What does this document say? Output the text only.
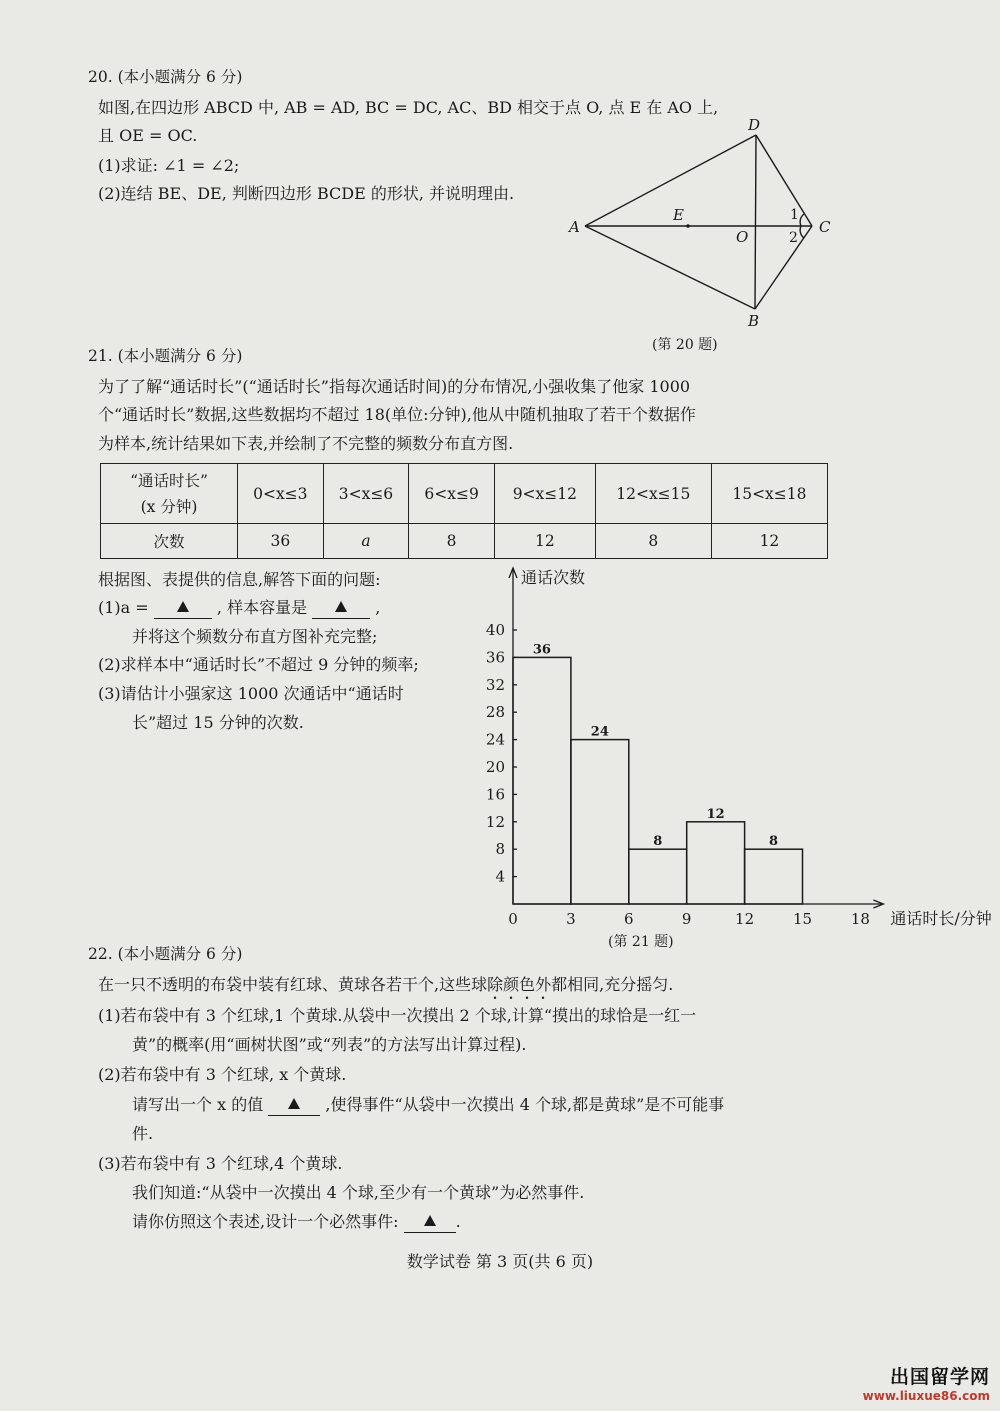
20. (本小题满分 6 分)
如图,在四边形 ABCD 中, AB = AD, BC = DC, AC、BD 相交于点 O, 点 E 在 AO 上,
且 OE = OC.
(1)求证: ∠1 = ∠2;
(2)连结 BE、DE, 判断四边形 BCDE 的形状, 并说明理由.
A
D
C
B
E
O
1
2
(第 20 题)
21. (本小题满分 6 分)
为了了解“通话时长”(“通话时长”指每次通话时间)的分布情况,小强收集了他家 1000
个“通话时长”数据,这些数据均不超过 18(单位:分钟),他从中随机抽取了若干个数据作
为样本,统计结果如下表,并绘制了不完整的频数分布直方图.
“通话时长”
(x 分钟)	0<x≤3	3<x≤6	6<x≤9	9<x≤12	12<x≤15	15<x≤18
次数	36	a	8	12	8	12
根据图、表提供的信息,解答下面的问题:
(1)a =	, 样本容量是	,
并将这个频数分布直方图补充完整;
(2)求样本中“通话时长”不超过 9 分钟的频率;
(3)请估计小强家这 1000 次通话中“通话时
长”超过 15 分钟的次数.
4
8
12
16
20
24
28
32
36
40
0	3	6	9	12	15	18
通话次数
通话时长/分钟
36
24
8
12
8
(第 21 题)
22. (本小题满分 6 分)
在一只不透明的布袋中装有红球、黄球各若干个,这些球除颜色外都相同,充分摇匀.
(1)若布袋中有 3 个红球,1 个黄球.从袋中一次摸出 2 个球,计算“摸出的球恰是一红一
黄”的概率(用“画树状图”或“列表”的方法写出计算过程).
(2)若布袋中有 3 个红球, x 个黄球.
请写出一个 x 的值	,使得事件“从袋中一次摸出 4 个球,都是黄球”是不可能事
件.
(3)若布袋中有 3 个红球,4 个黄球.
我们知道:“从袋中一次摸出 4 个球,至少有一个黄球”为必然事件.
请你仿照这个表述,设计一个必然事件:	.
数学试卷 第 3 页(共 6 页)
出国留学网
www.liuxue86.com
